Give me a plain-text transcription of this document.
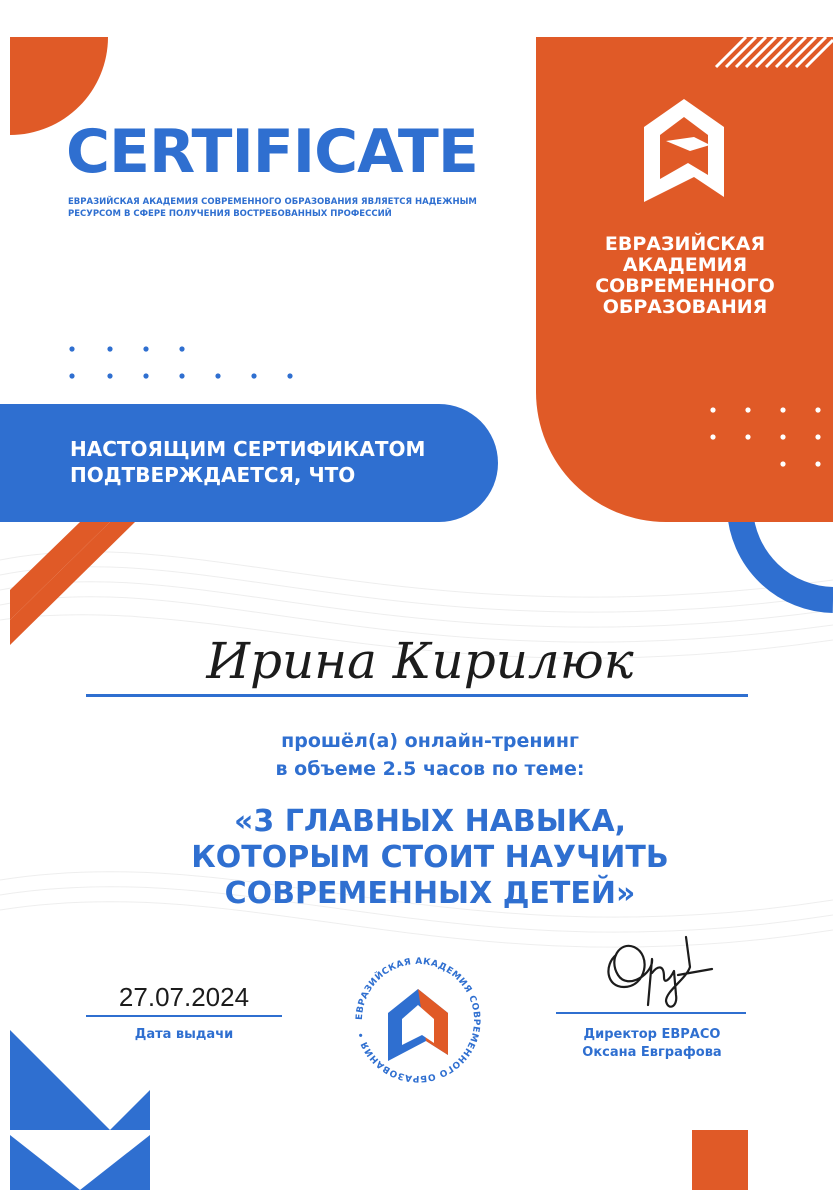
CERTIFICATE
ЕВРАЗИЙСКАЯ АКАДЕМИЯ СОВРЕМЕННОГО ОБРАЗОВАНИЯ ЯВЛЯЕТСЯ НАДЕЖНЫМ РЕСУРСОМ В СФЕРЕ ПОЛУЧЕНИЯ ВОСТРЕБОВАННЫХ ПРОФЕССИЙ
ЕВРАЗИЙСКАЯ
АКАДЕМИЯ
СОВРЕМЕННОГО
ОБРАЗОВАНИЯ
НАСТОЯЩИМ СЕРТИФИКАТОМ
ПОДТВЕРЖДАЕТСЯ, ЧТО
Ирина Кирилюк
прошёл(а) онлайн-тренинг
в объеме 2.5 часов по теме:
«3 ГЛАВНЫХ НАВЫКА,
КОТОРЫМ СТОИТ НАУЧИТЬ
СОВРЕМЕННЫХ ДЕТЕЙ»
27.07.2024
Дата выдачи
ЕВРАЗИЙСКАЯ АКАДЕМИЯ СОВРЕМЕННОГО ОБРАЗОВАНИЯ •	Директор ЕВРАСО
Оксана Евграфова
